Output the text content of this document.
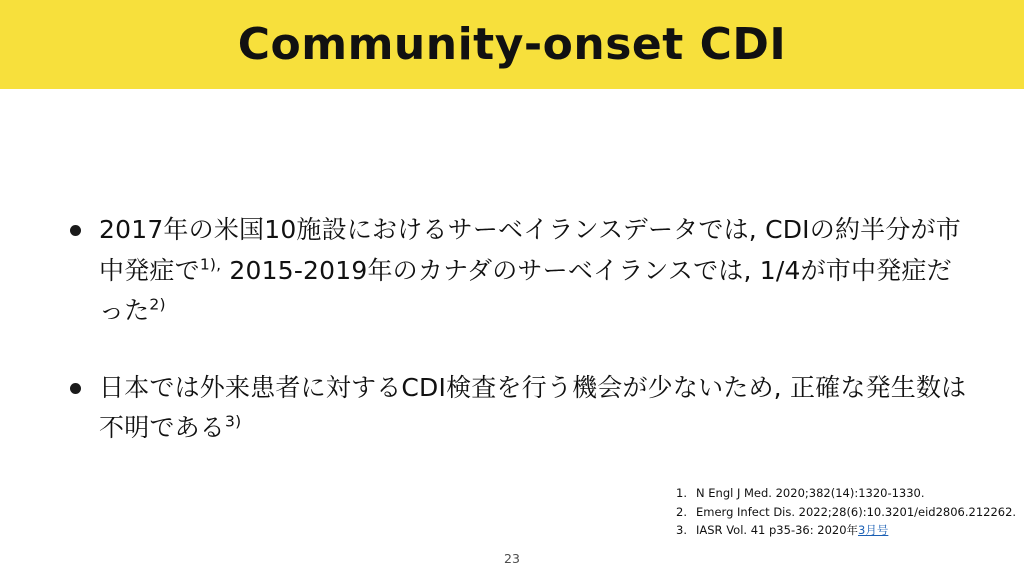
Community-onset CDI
2017年の米国10施設におけるサーベイランスデータでは, CDIの約半分が市中発症で$^{1),}$ 2015-2019年のカナダのサーベイランスでは, 1/4が市中発症だった$^{2)}$
日本では外来患者に対するCDI検査を行う機会が少ないため, 正確な発生数は不明である$^{3)}$
1. N Engl J Med. 2020;382(14):1320-1330.
2. Emerg Infect Dis. 2022;28(6):10.3201/eid2806.212262.
3. IASR Vol. 41 p35-36: 2020年 3月号
23
